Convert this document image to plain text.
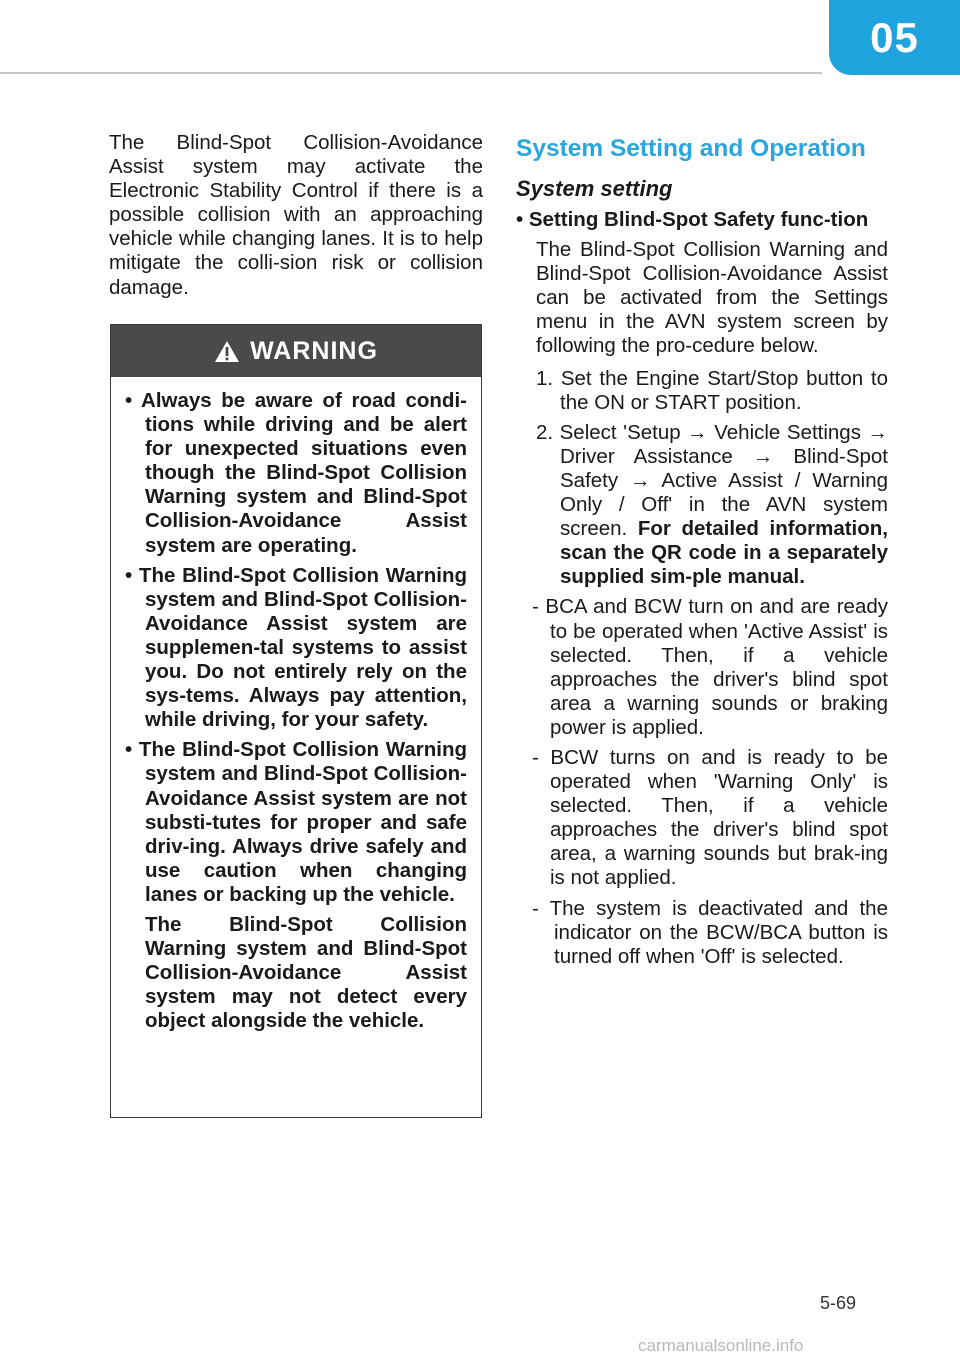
05

The Blind-Spot Collision-Avoidance Assist system may activate the Electronic Stability Control if there is a possible collision with an approaching vehicle while changing lanes. It is to help mitigate the colli-sion risk or collision damage.

WARNING

• Always be aware of road condi-tions while driving and be alert for unexpected situations even though the Blind-Spot Collision Warning system and Blind-Spot Collision-Avoidance Assist system are operating.

• The Blind-Spot Collision Warning system and Blind-Spot Collision-Avoidance Assist system are supplemen-tal systems to assist you. Do not entirely rely on the sys-tems. Always pay attention, while driving, for your safety.

• The Blind-Spot Collision Warning system and Blind-Spot Collision-Avoidance Assist system are not substi-tutes for proper and safe driv-ing. Always drive safely and use caution when changing lanes or backing up the vehicle.

The Blind-Spot Collision Warning system and Blind-Spot Collision-Avoidance Assist system may not detect every object alongside the vehicle.

System Setting and Operation
System setting

• Setting Blind-Spot Safety func-tion

The Blind-Spot Collision Warning and Blind-Spot Collision-Avoidance Assist can be activated from the Settings menu in the AVN system screen by following the pro-cedure below.

1. Set the Engine Start/Stop button to the ON or START position.

2. Select 'Setup → Vehicle Settings → Driver Assistance → Blind-Spot Safety → Active Assist / Warning Only / Off' in the AVN system screen. For detailed information, scan the QR code in a separately supplied sim-ple manual.

- BCA and BCW turn on and are ready to be operated when 'Active Assist' is selected. Then, if a vehicle approaches the driver's blind spot area a warning sounds or braking power is applied.

- BCW turns on and is ready to be operated when 'Warning Only' is selected. Then, if a vehicle approaches the driver's blind spot area, a warning sounds but brak-ing is not applied.

- The system is deactivated and the indicator on the BCW/BCA button is turned off when 'Off' is selected.

5-69
carmanualsonline.info
